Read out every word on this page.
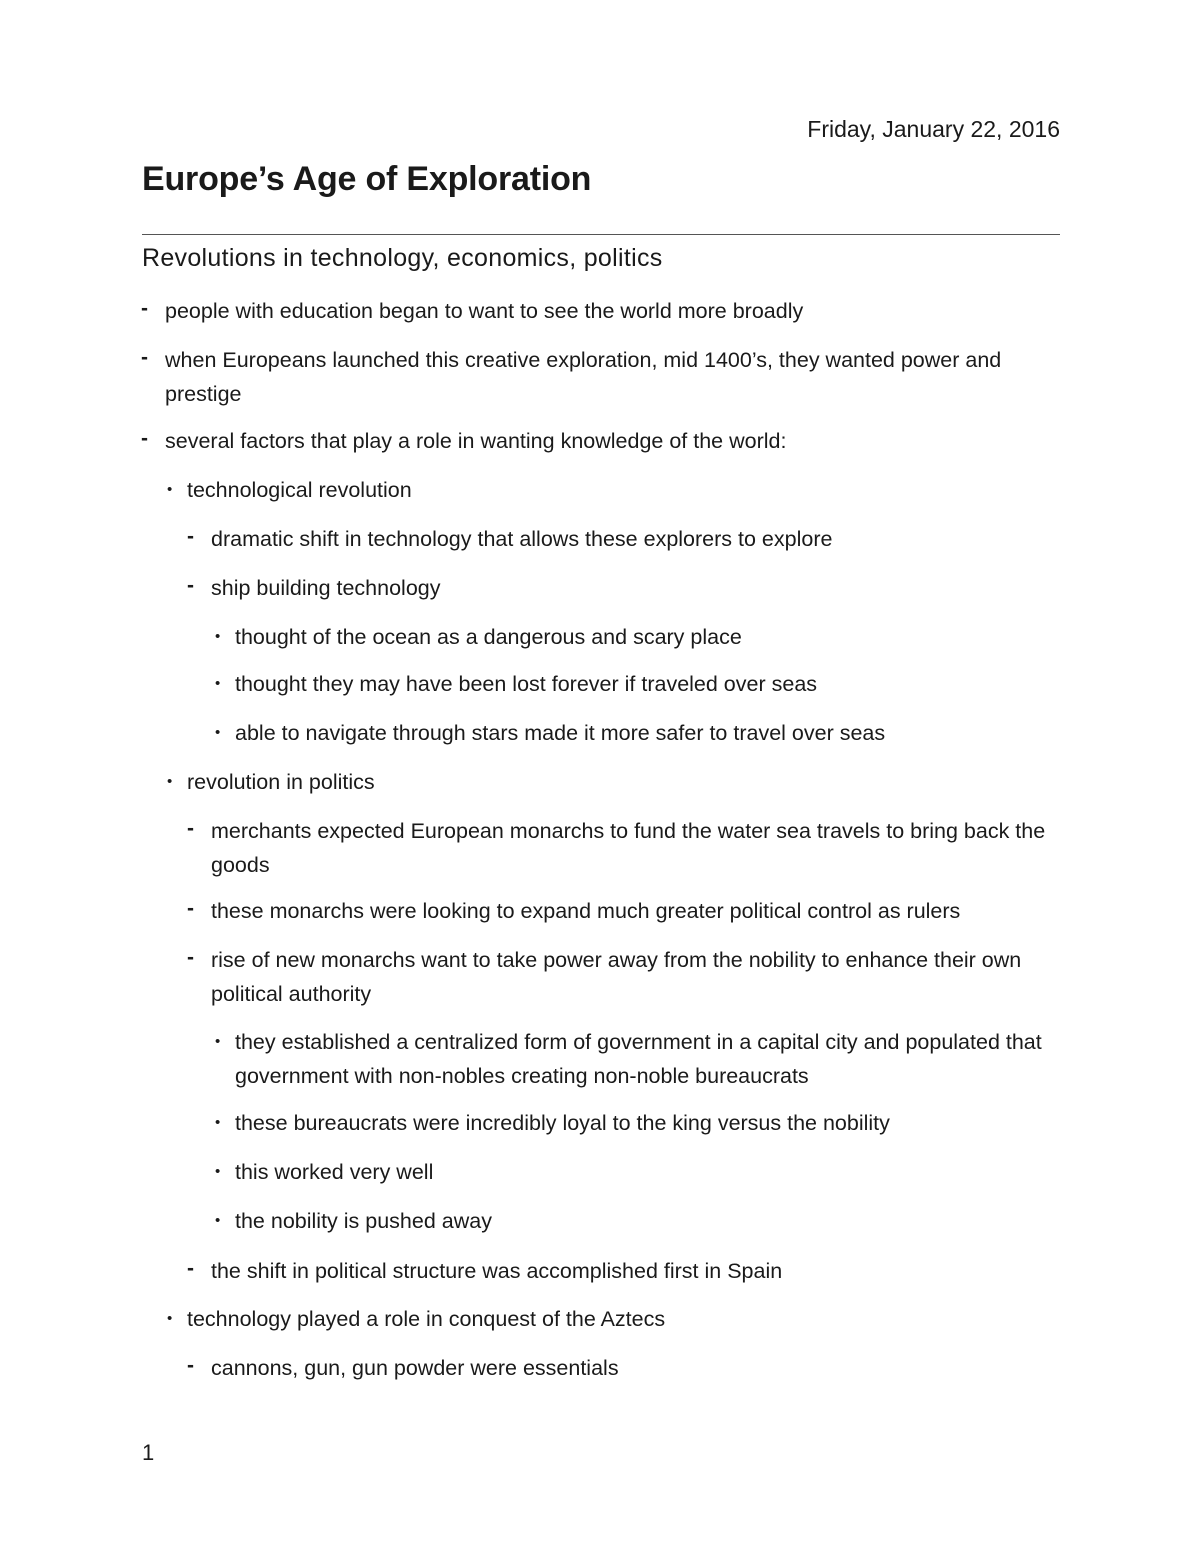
Friday, January 22, 2016
Europe’s Age of Exploration
Revolutions in technology, economics, politics
- people with education began to want to see the world more broadly
- when Europeans launched this creative exploration, mid 1400’s, they wanted power and prestige
- several factors that play a role in wanting knowledge of the world:
• technological revolution
- dramatic shift in technology that allows these explorers to explore
- ship building technology
• thought of the ocean as a dangerous and scary place
• thought they may have been lost forever if traveled over seas
• able to navigate through stars made it more safer to travel over seas
• revolution in politics
- merchants expected European monarchs to fund the water sea travels to bring back the goods
- these monarchs were looking to expand much greater political control as rulers
- rise of new monarchs want to take power away from the nobility to enhance their own political authority
• they established a centralized form of government in a capital city and populated that government with non-nobles creating non-noble bureaucrats
• these bureaucrats were incredibly loyal to the king versus the nobility
• this worked very well
• the nobility is pushed away
- the shift in political structure was accomplished first in Spain
• technology played a role in conquest of the Aztecs
- cannons, gun, gun powder were essentials
1
